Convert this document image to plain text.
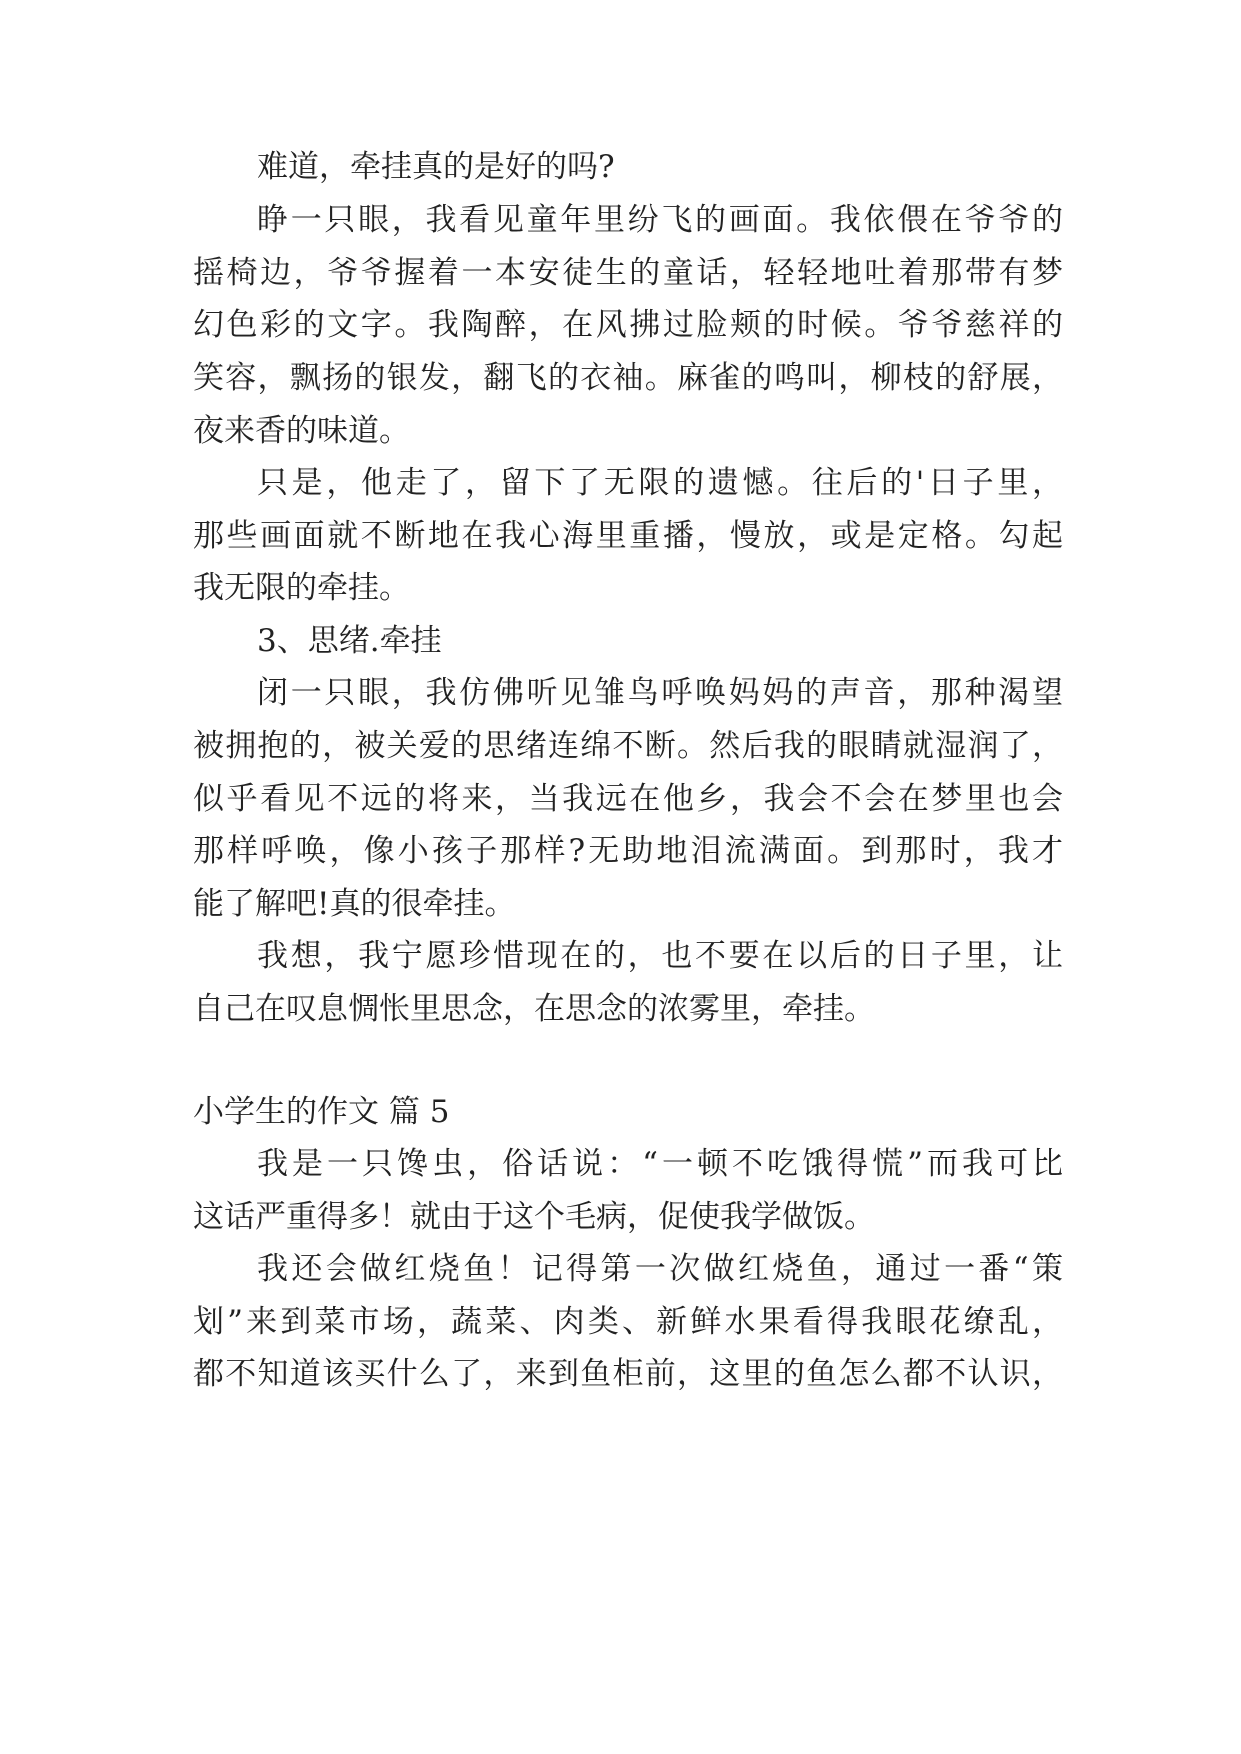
难道，牵挂真的是好的吗?
睁一只眼，我看见童年里纷飞的画面。我依偎在爷爷的
摇椅边，爷爷握着一本安徒生的童话，轻轻地吐着那带有梦
幻色彩的文字。我陶醉，在风拂过脸颊的时候。爷爷慈祥的
笑容，飘扬的银发，翻飞的衣袖。麻雀的鸣叫，柳枝的舒展，
夜来香的味道。
只是，他走了，留下了无限的遗憾。往后的'日子里，
那些画面就不断地在我心海里重播，慢放，或是定格。勾起
我无限的牵挂。
3、思绪.牵挂
闭一只眼，我仿佛听见雏鸟呼唤妈妈的声音，那种渴望
被拥抱的，被关爱的思绪连绵不断。然后我的眼睛就湿润了，
似乎看见不远的将来，当我远在他乡，我会不会在梦里也会
那样呼唤，像小孩子那样?无助地泪流满面。到那时，我才
能了解吧!真的很牵挂。
我想，我宁愿珍惜现在的，也不要在以后的日子里，让
自己在叹息惆怅里思念，在思念的浓雾里，牵挂。
小学生的作文 篇 5
我是一只馋虫，俗话说：“一顿不吃饿得慌”而我可比
这话严重得多！就由于这个毛病，促使我学做饭。
我还会做红烧鱼！记得第一次做红烧鱼，通过一番“策
划”来到菜市场，蔬菜、肉类、新鲜水果看得我眼花缭乱，
都不知道该买什么了，来到鱼柜前，这里的鱼怎么都不认识，
